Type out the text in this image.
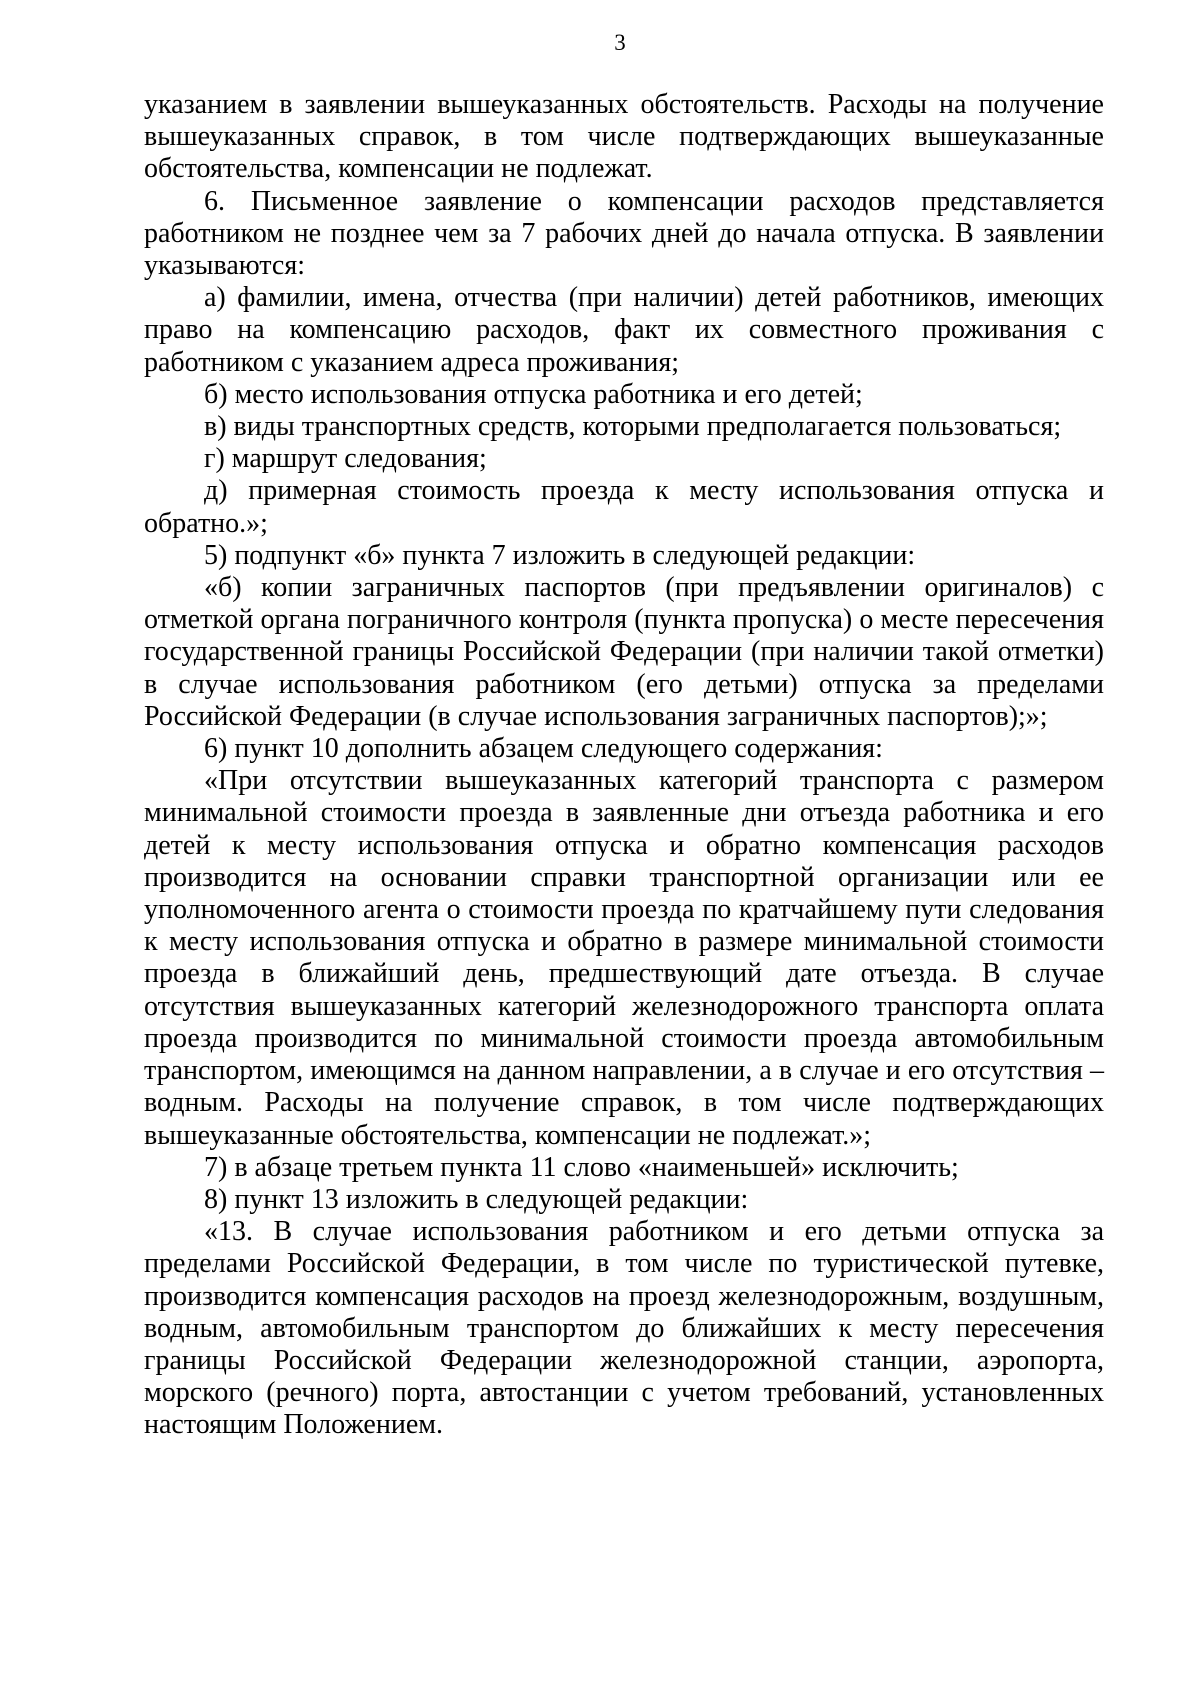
3

указанием в заявлении вышеуказанных обстоятельств. Расходы на получение вышеуказанных справок, в том числе подтверждающих вышеуказанные обстоятельства, компенсации не подлежат.

6. Письменное заявление о компенсации расходов представляется работником не позднее чем за 7 рабочих дней до начала отпуска. В заявлении указываются:

а) фамилии, имена, отчества (при наличии) детей работников, имеющих право на компенсацию расходов, факт их совместного проживания с работником с указанием адреса проживания;

б) место использования отпуска работника и его детей;

в) виды транспортных средств, которыми предполагается пользоваться;

г) маршрут следования;

д) примерная стоимость проезда к месту использования отпуска и обратно.»;

5) подпункт «б» пункта 7 изложить в следующей редакции:

«б) копии заграничных паспортов (при предъявлении оригиналов) с отметкой органа пограничного контроля (пункта пропуска) о месте пересечения государственной границы Российской Федерации (при наличии такой отметки) в случае использования работником (его детьми) отпуска за пределами Российской Федерации (в случае использования заграничных паспортов);»;

6) пункт 10 дополнить абзацем следующего содержания:

«При отсутствии вышеуказанных категорий транспорта с размером минимальной стоимости проезда в заявленные дни отъезда работника и его детей к месту использования отпуска и обратно компенсация расходов производится на основании справки транспортной организации или ее уполномоченного агента о стоимости проезда по кратчайшему пути следования к месту использования отпуска и обратно в размере минимальной стоимости проезда в ближайший день, предшествующий дате отъезда. В случае отсутствия вышеуказанных категорий железнодорожного транспорта оплата проезда производится по минимальной стоимости проезда автомобильным транспортом, имеющимся на данном направлении, а в случае и его отсутствия – водным. Расходы на получение справок, в том числе подтверждающих вышеуказанные обстоятельства, компенсации не подлежат.»;

7) в абзаце третьем пункта 11 слово «наименьшей» исключить;

8) пункт 13 изложить в следующей редакции:

«13. В случае использования работником и его детьми отпуска за пределами Российской Федерации, в том числе по туристической путевке, производится компенсация расходов на проезд железнодорожным, воздушным, водным, автомобильным транспортом до ближайших к месту пересечения границы Российской Федерации железнодорожной станции, аэропорта, морского (речного) порта, автостанции с учетом требований, установленных настоящим Положением.
